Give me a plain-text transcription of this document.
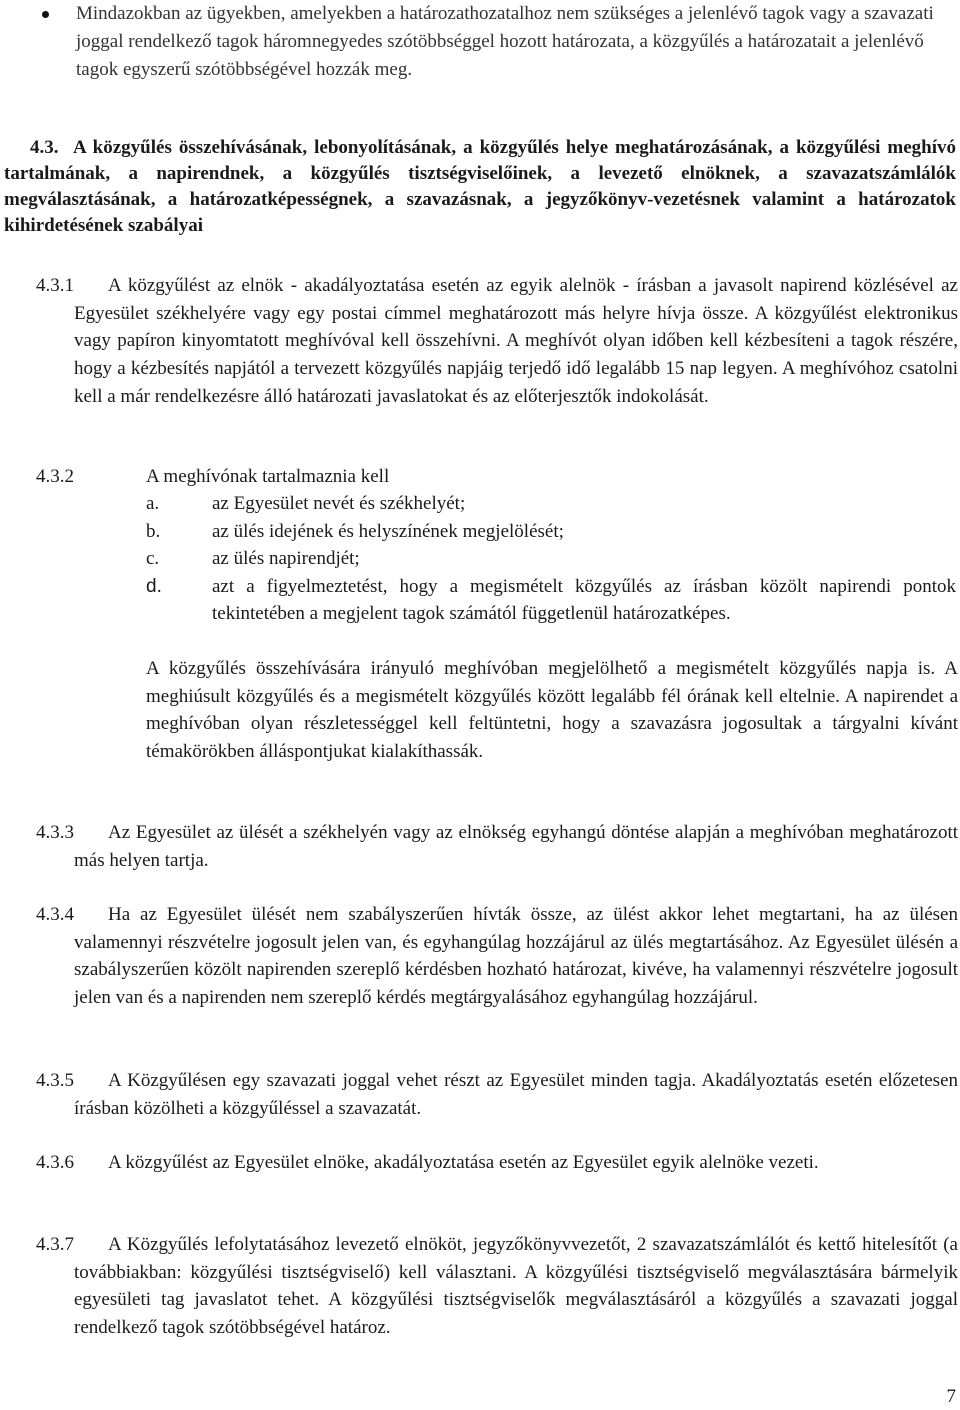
Mindazokban az ügyekben, amelyekben a határozathozatalhoz nem szükséges a jelenlévő tagok vagy a szavazati joggal rendelkező tagok háromnegyedes szótöbbséggel hozott határozata, a közgyűlés a határozatait a jelenlévő tagok egyszerű szótöbbségével hozzák meg.
4.3. A közgyűlés összehívásának, lebonyolításának, a közgyűlés helye meghatározásának, a közgyűlési meghívó tartalmának, a napirendnek, a közgyűlés tisztségviselőinek, a levezető elnöknek, a szavazatszámlálók megválasztásának, a határozatképességnek, a szavazásnak, a jegyzőkönyv-vezetésnek valamint a határozatok kihirdetésének szabályai
4.3.1 A közgyűlést az elnök - akadályoztatása esetén az egyik alelnök - írásban a javasolt napirend közlésével az Egyesület székhelyére vagy egy postai címmel meghatározott más helyre hívja össze. A közgyűlést elektronikus vagy papíron kinyomtatott meghívóval kell összehívni. A meghívót olyan időben kell kézbesíteni a tagok részére, hogy a kézbesítés napjától a tervezett közgyűlés napjáig terjedő idő legalább 15 nap legyen. A meghívóhoz csatolni kell a már rendelkezésre álló határozati javaslatokat és az előterjesztők indokolását.
4.3.2	A meghívónak tartalmaznia kell
a.	az Egyesület nevét és székhelyét;
b.	az ülés idejének és helyszínének megjelölését;
c.	az ülés napirendjét;
d.	azt a figyelmeztetést, hogy a megismételt közgyűlés az írásban közölt napirendi pontok tekintetében a megjelent tagok számától függetlenül határozatképes.
A közgyűlés összehívására irányuló meghívóban megjelölhető a megismételt közgyűlés napja is. A meghiúsult közgyűlés és a megismételt közgyűlés között legalább fél órának kell eltelnie. A napirendet a meghívóban olyan részletességgel kell feltüntetni, hogy a szavazásra jogosultak a tárgyalni kívánt témakörökben álláspontjukat kialakíthassák.
4.3.3 Az Egyesület az ülését a székhelyén vagy az elnökség egyhangú döntése alapján a meghívóban meghatározott más helyen tartja.
4.3.4 Ha az Egyesület ülését nem szabályszerűen hívták össze, az ülést akkor lehet megtartani, ha az ülésen valamennyi részvételre jogosult jelen van, és egyhangúlag hozzájárul az ülés megtartásához. Az Egyesület ülésén a szabályszerűen közölt napirenden szereplő kérdésben hozható határozat, kivéve, ha valamennyi részvételre jogosult jelen van és a napirenden nem szereplő kérdés megtárgyalásához egyhangúlag hozzájárul.
4.3.5 A Közgyűlésen egy szavazati joggal vehet részt az Egyesület minden tagja. Akadályoztatás esetén előzetesen írásban közölheti a közgyűléssel a szavazatát.
4.3.6 A közgyűlést az Egyesület elnöke, akadályoztatása esetén az Egyesület egyik alelnöke vezeti.
4.3.7 A Közgyűlés lefolytatásához levezető elnököt, jegyzőkönyvvezetőt, 2 szavazatszámlálót és kettő hitelesítőt (a továbbiakban: közgyűlési tisztségviselő) kell választani. A közgyűlési tisztségviselő megválasztására bármelyik egyesületi tag javaslatot tehet. A közgyűlési tisztségviselők megválasztásáról a közgyűlés a szavazati joggal rendelkező tagok szótöbbségével határoz.
7
